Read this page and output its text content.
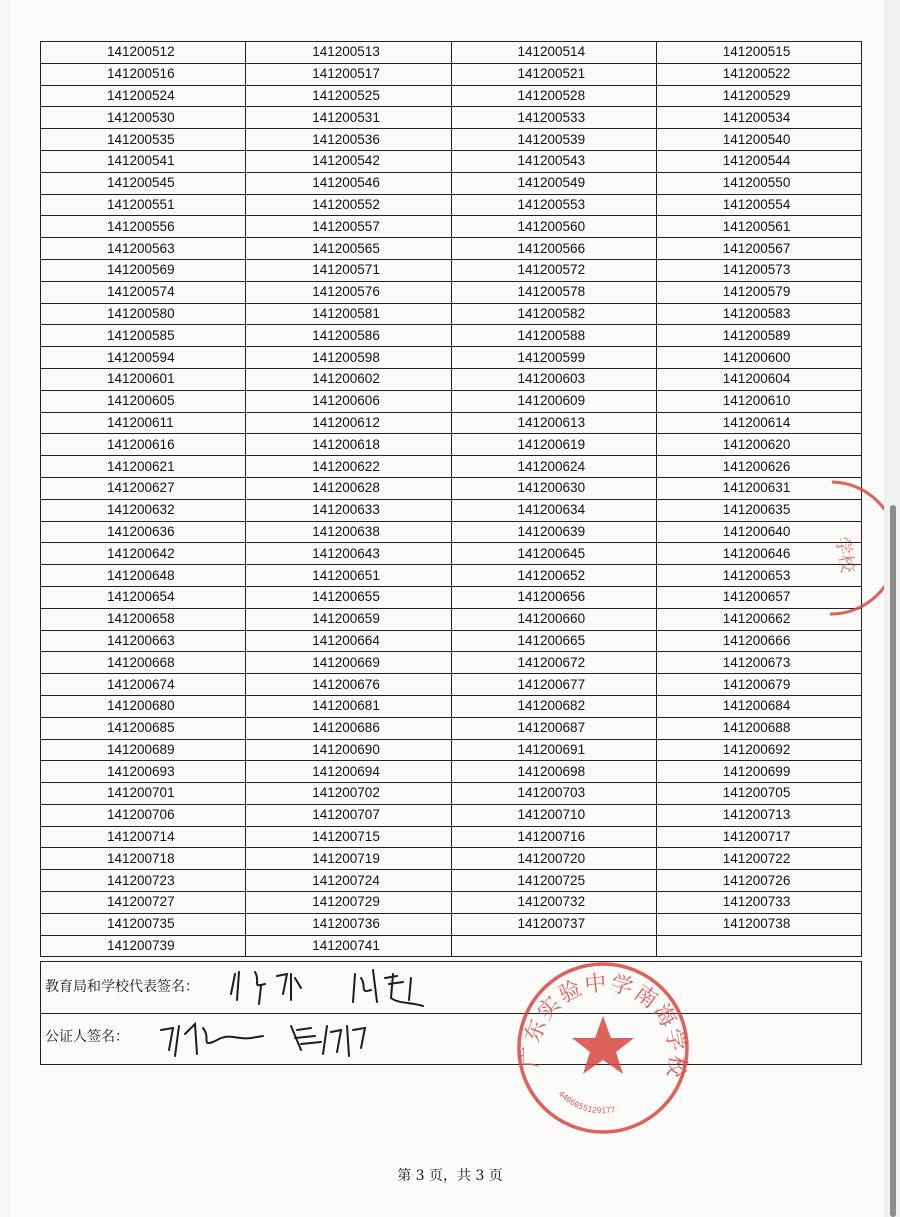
141200512	141200513	141200514	141200515
141200516	141200517	141200521	141200522
141200524	141200525	141200528	141200529
141200530	141200531	141200533	141200534
141200535	141200536	141200539	141200540
141200541	141200542	141200543	141200544
141200545	141200546	141200549	141200550
141200551	141200552	141200553	141200554
141200556	141200557	141200560	141200561
141200563	141200565	141200566	141200567
141200569	141200571	141200572	141200573
141200574	141200576	141200578	141200579
141200580	141200581	141200582	141200583
141200585	141200586	141200588	141200589
141200594	141200598	141200599	141200600
141200601	141200602	141200603	141200604
141200605	141200606	141200609	141200610
141200611	141200612	141200613	141200614
141200616	141200618	141200619	141200620
141200621	141200622	141200624	141200626
141200627	141200628	141200630	141200631
141200632	141200633	141200634	141200635
141200636	141200638	141200639	141200640
141200642	141200643	141200645	141200646
141200648	141200651	141200652	141200653
141200654	141200655	141200656	141200657
141200658	141200659	141200660	141200662
141200663	141200664	141200665	141200666
141200668	141200669	141200672	141200673
141200674	141200676	141200677	141200679
141200680	141200681	141200682	141200684
141200685	141200686	141200687	141200688
141200689	141200690	141200691	141200692
141200693	141200694	141200698	141200699
141200701	141200702	141200703	141200705
141200706	141200707	141200710	141200713
141200714	141200715	141200716	141200717
141200718	141200719	141200720	141200722
141200723	141200724	141200725	141200726
141200727	141200729	141200732	141200733
141200735	141200736	141200737	141200738
141200739	141200741		
学校
教育局和学校代表签名：
公证人签名：
广东实验中学南海学校
4406055129177
第 3 页，共 3 页
